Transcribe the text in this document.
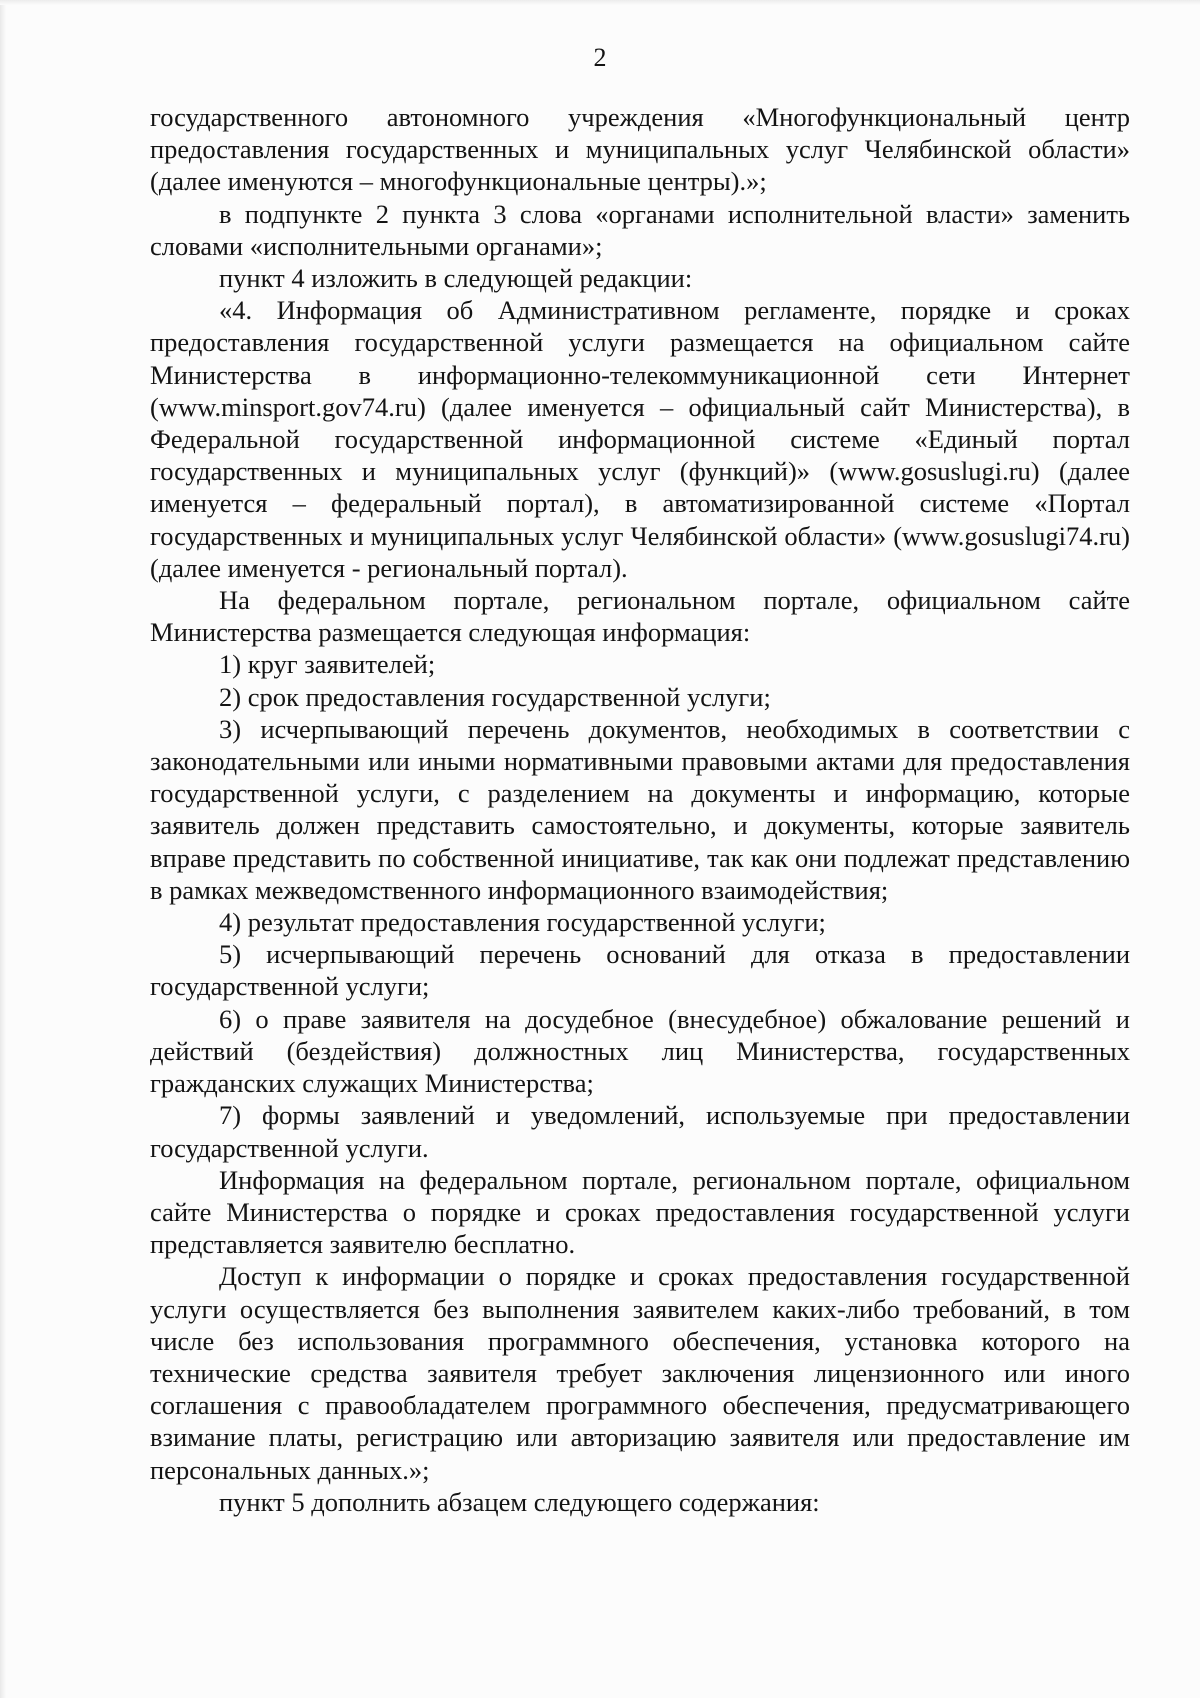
2

государственного автономного учреждения «Многофункциональный центр предоставления государственных и муниципальных услуг Челябинской области» (далее именуются – многофункциональные центры).»;

в подпункте 2 пункта 3 слова «органами исполнительной власти» заменить словами «исполнительными органами»;

пункт 4 изложить в следующей редакции:

«4. Информация об Административном регламенте, порядке и сроках предоставления государственной услуги размещается на официальном сайте Министерства в информационно-телекоммуникационной сети Интернет (www.minsport.gov74.ru) (далее именуется – официальный сайт Министерства), в Федеральной государственной информационной системе «Единый портал государственных и муниципальных услуг (функций)» (www.gosuslugi.ru) (далее именуется – федеральный портал), в автоматизированной системе «Портал государственных и муниципальных услуг Челябинской области» (www.gosuslugi74.ru) (далее именуется - региональный портал).

На федеральном портале, региональном портале, официальном сайте Министерства размещается следующая информация:

1) круг заявителей;

2) срок предоставления государственной услуги;

3) исчерпывающий перечень документов, необходимых в соответствии с законодательными или иными нормативными правовыми актами для предоставления государственной услуги, с разделением на документы и информацию, которые заявитель должен представить самостоятельно, и документы, которые заявитель вправе представить по собственной инициативе, так как они подлежат представлению в рамках межведомственного информационного взаимодействия;

4) результат предоставления государственной услуги;

5) исчерпывающий перечень оснований для отказа в предоставлении государственной услуги;

6) о праве заявителя на досудебное (внесудебное) обжалование решений и действий (бездействия) должностных лиц Министерства, государственных гражданских служащих Министерства;

7) формы заявлений и уведомлений, используемые при предоставлении государственной услуги.

Информация на федеральном портале, региональном портале, официальном сайте Министерства о порядке и сроках предоставления государственной услуги представляется заявителю бесплатно.

Доступ к информации о порядке и сроках предоставления государственной услуги осуществляется без выполнения заявителем каких-либо требований, в том числе без использования программного обеспечения, установка которого на технические средства заявителя требует заключения лицензионного или иного соглашения с правообладателем программного обеспечения, предусматривающего взимание платы, регистрацию или авторизацию заявителя или предоставление им персональных данных.»;

пункт 5 дополнить абзацем следующего содержания:
